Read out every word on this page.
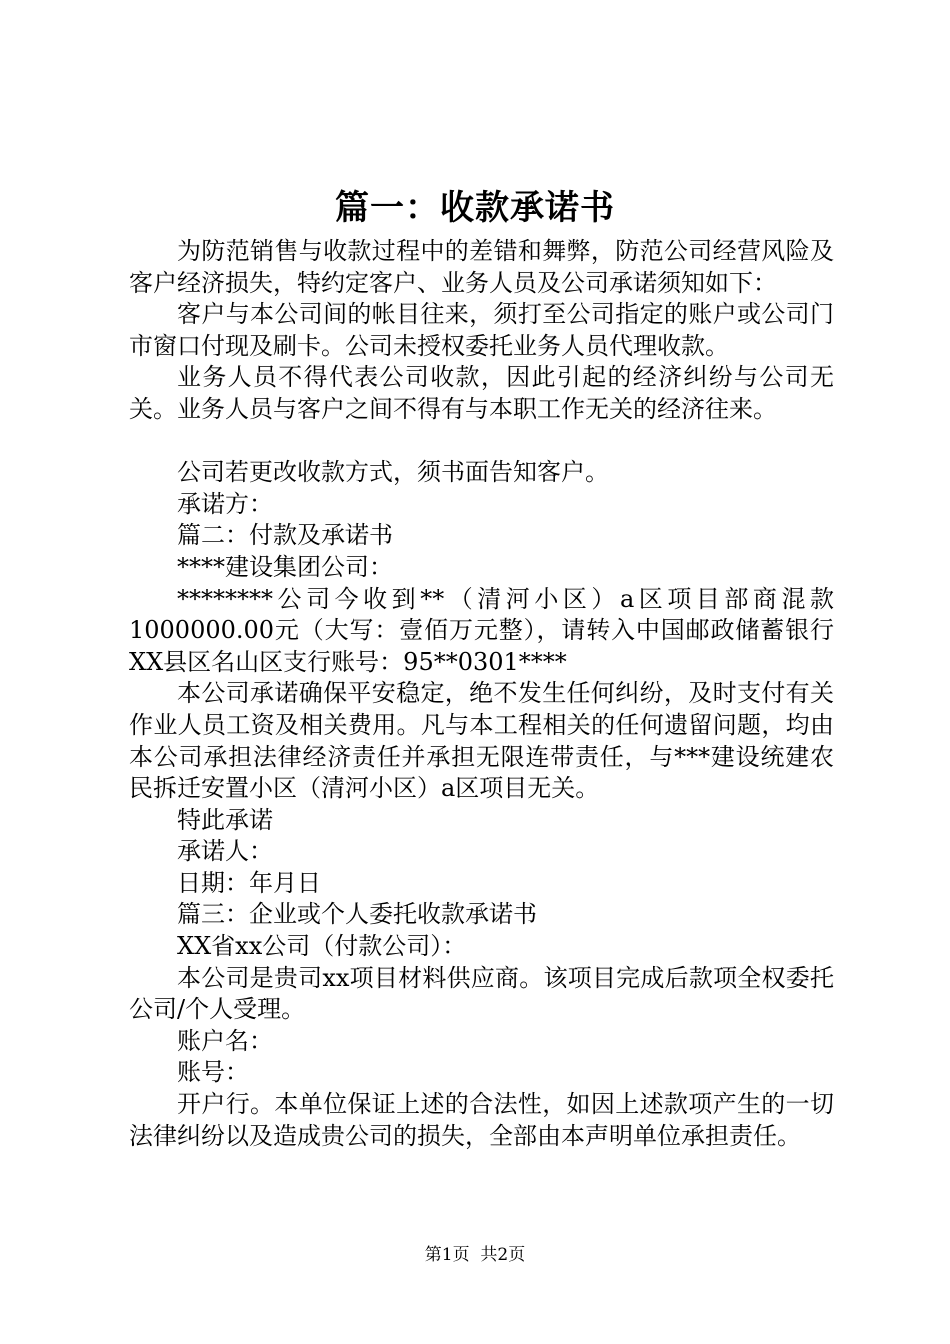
篇一：收款承诺书

为防范销售与收款过程中的差错和舞弊，防范公司经营风险及客户经济损失，特约定客户、业务人员及公司承诺须知如下：

客户与本公司间的帐目往来，须打至公司指定的账户或公司门市窗口付现及刷卡。公司未授权委托业务人员代理收款。

业务人员不得代表公司收款，因此引起的经济纠纷与公司无关。业务人员与客户之间不得有与本职工作无关的经济往来。

公司若更改收款方式，须书面告知客户。

承诺方：

篇二：付款及承诺书

****建设集团公司：

********公司今收到**（清河小区）a区项目部商混款1000000.00元（大写：壹佰万元整），请转入中国邮政储蓄银行XX县区名山区支行账号：95**0301****

本公司承诺确保平安稳定，绝不发生任何纠纷，及时支付有关作业人员工资及相关费用。凡与本工程相关的任何遗留问题，均由本公司承担法律经济责任并承担无限连带责任，与***建设统建农民拆迁安置小区（清河小区）a区项目无关。

特此承诺

承诺人：

日期：年月日

篇三：企业或个人委托收款承诺书

XX省xx公司（付款公司）：

本公司是贵司xx项目材料供应商。该项目完成后款项全权委托公司/个人受理。

账户名：

账号：

开户行。本单位保证上述的合法性，如因上述款项产生的一切法律纠纷以及造成贵公司的损失，全部由本声明单位承担责任。

第1页  共2页
